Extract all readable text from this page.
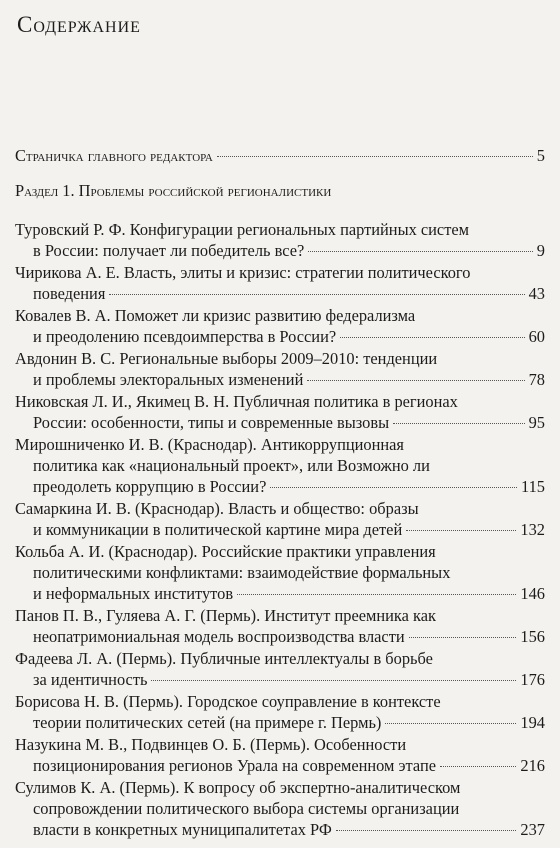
Содержание
Страничка главного редактора	5
Раздел 1. Проблемы российской регионалистики
Туровский Р. Ф. Конфигурации региональных партийных систем
в России: получает ли победитель все?	9
Чирикова А. Е. Власть, элиты и кризис: стратегии политического
поведения	43
Ковалев В. А. Поможет ли кризис развитию федерализма
и преодолению псевдоимперства в России?	60
Авдонин В. С. Региональные выборы 2009–2010: тенденции
и проблемы электоральных изменений	78
Никовская Л. И., Якимец В. Н. Публичная политика в регионах
России: особенности, типы и современные вызовы	95
Мирошниченко И. В. (Краснодар). Антикоррупционная
политика как «национальный проект», или Возможно ли
преодолеть коррупцию в России?	115
Самаркина И. В. (Краснодар). Власть и общество: образы
и коммуникации в политической картине мира детей	132
Кольба А. И. (Краснодар). Российские практики управления
политическими конфликтами: взаимодействие формальных
и неформальных институтов	146
Панов П. В., Гуляева А. Г. (Пермь). Институт преемника как
неопатримониальная модель воспроизводства власти	156
Фадеева Л. А. (Пермь). Публичные интеллектуалы в борьбе
за идентичность	176
Борисова Н. В. (Пермь). Городское соуправление в контексте
теории политических сетей (на примере г. Пермь)	194
Назукина М. В., Подвинцев О. Б. (Пермь). Особенности
позиционирования регионов Урала на современном этапе	216
Сулимов К. А. (Пермь). К вопросу об экспертно-аналитическом
сопровождении политического выбора системы организации
власти в конкретных муниципалитетах РФ	237
